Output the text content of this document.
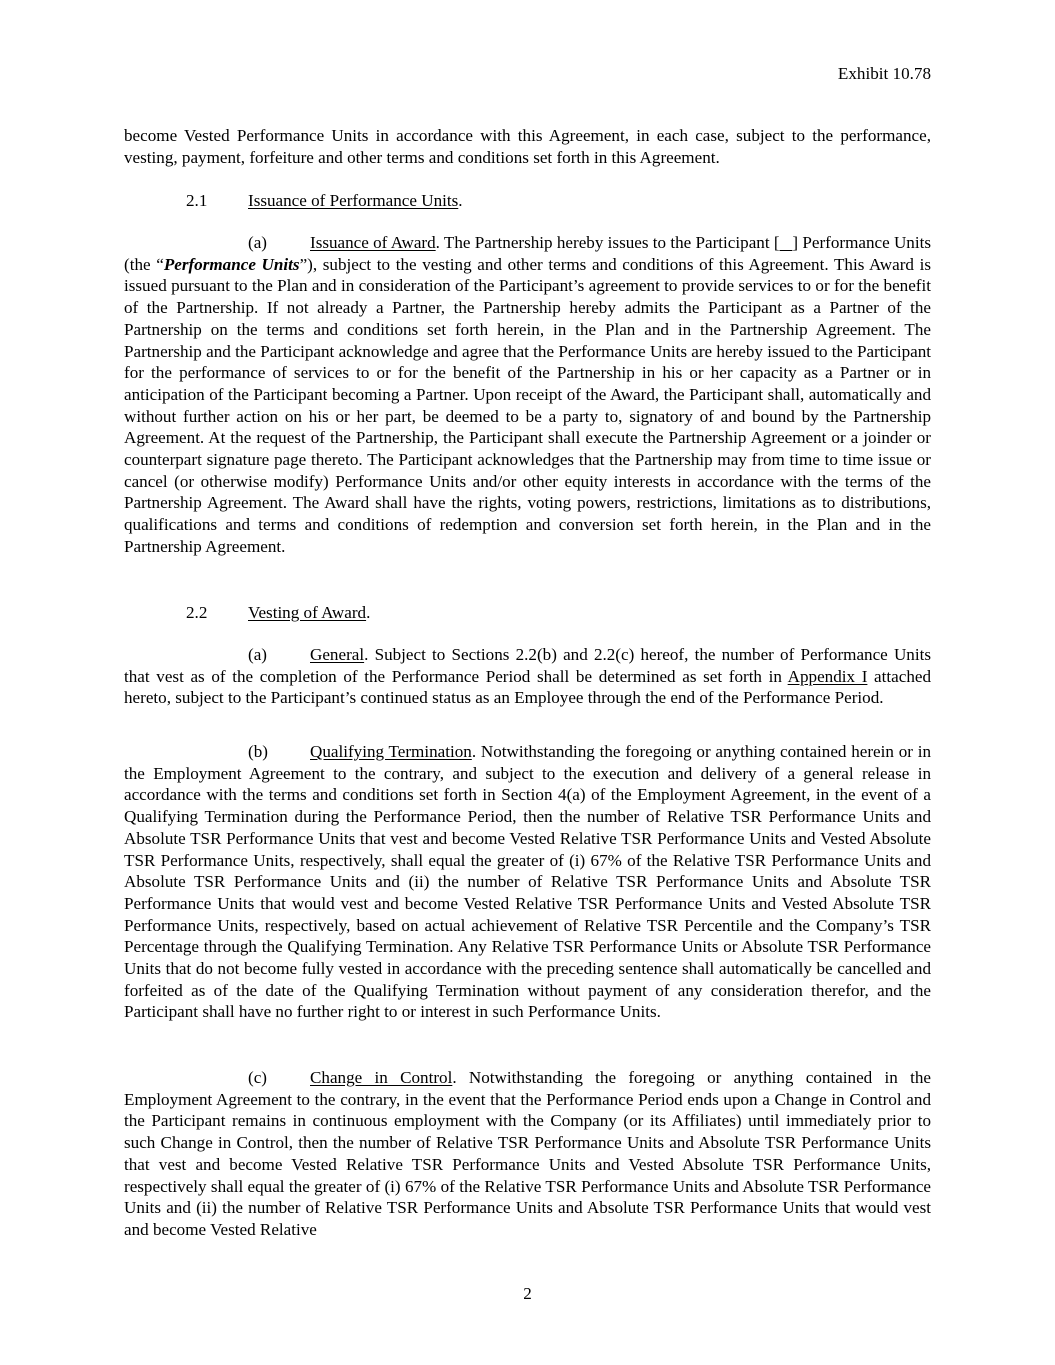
Exhibit 10.78

become Vested Performance Units in accordance with this Agreement, in each case, subject to the performance, vesting, payment, forfeiture and other terms and conditions set forth in this Agreement.

2.1 Issuance of Performance Units.

(a)	Issuance of Award. The Partnership hereby issues to the Participant [ ] Performance Units (the “Performance Units”), subject to the vesting and other terms and conditions of this Agreement. This Award is issued pursuant to the Plan and in consideration of the Participant’s agreement to provide services to or for the benefit of the Partnership. If not already a Partner, the Partnership hereby admits the Participant as a Partner of the Partnership on the terms and conditions set forth herein, in the Plan and in the Partnership Agreement. The Partnership and the Participant acknowledge and agree that the Performance Units are hereby issued to the Participant for the performance of services to or for the benefit of the Partnership in his or her capacity as a Partner or in anticipation of the Participant becoming a Partner. Upon receipt of the Award, the Participant shall, automatically and without further action on his or her part, be deemed to be a party to, signatory of and bound by the Partnership Agreement. At the request of the Partnership, the Participant shall execute the Partnership Agreement or a joinder or counterpart signature page thereto. The Participant acknowledges that the Partnership may from time to time issue or cancel (or otherwise modify) Performance Units and/or other equity interests in accordance with the terms of the Partnership Agreement. The Award shall have the rights, voting powers, restrictions, limitations as to distributions, qualifications and terms and conditions of redemption and conversion set forth herein, in the Plan and in the Partnership Agreement.

2.2 Vesting of Award.

(a)	General. Subject to Sections 2.2(b) and 2.2(c) hereof, the number of Performance Units that vest as of the completion of the Performance Period shall be determined as set forth in Appendix I attached hereto, subject to the Participant’s continued status as an Employee through the end of the Performance Period.

(b) Qualifying Termination. Notwithstanding the foregoing or anything contained herein or in the Employment Agreement to the contrary, and subject to the execution and delivery of a general release in accordance with the terms and conditions set forth in Section 4(a) of the Employment Agreement, in the event of a Qualifying Termination during the Performance Period, then the number of Relative TSR Performance Units and Absolute TSR Performance Units that vest and become Vested Relative TSR Performance Units and Vested Absolute TSR Performance Units, respectively, shall equal the greater of (i) 67% of the Relative TSR Performance Units and Absolute TSR Performance Units and (ii) the number of Relative TSR Performance Units and Absolute TSR Performance Units that would vest and become Vested Relative TSR Performance Units and Vested Absolute TSR Performance Units, respectively, based on actual achievement of Relative TSR Percentile and the Company’s TSR Percentage through the Qualifying Termination. Any Relative TSR Performance Units or Absolute TSR Performance Units that do not become fully vested in accordance with the preceding sentence shall automatically be cancelled and forfeited as of the date of the Qualifying Termination without payment of any consideration therefor, and the Participant shall have no further right to or interest in such Performance Units.

(c)	Change in Control. Notwithstanding the foregoing or anything contained in the Employment Agreement to the contrary, in the event that the Performance Period ends upon a Change in Control and the Participant remains in continuous employment with the Company (or its Affiliates) until immediately prior to such Change in Control, then the number of Relative TSR Performance Units and Absolute TSR Performance Units that vest and become Vested Relative TSR Performance Units and Vested Absolute TSR Performance Units, respectively shall equal the greater of (i) 67% of the Relative TSR Performance Units and Absolute TSR Performance Units and (ii) the number of Relative TSR Performance Units and Absolute TSR Performance Units that would vest and become Vested Relative

2
